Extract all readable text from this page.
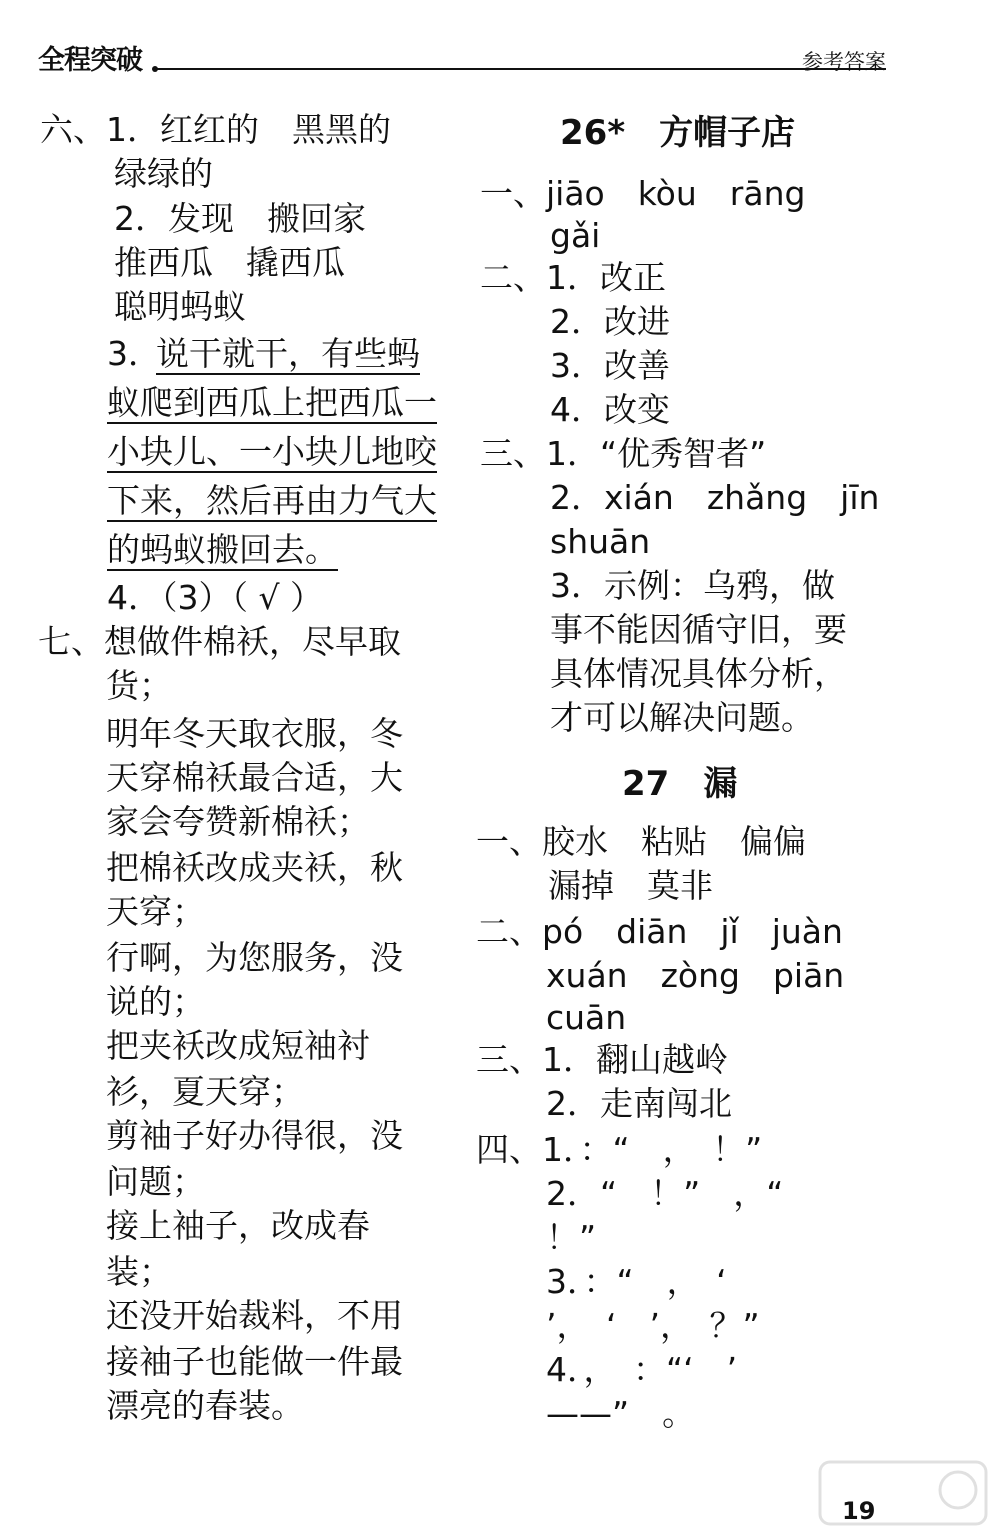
全程突破	参考答案
六、1．红红的　黑黑的
绿绿的
2．发现　搬回家
推西瓜　撬西瓜
聪明蚂蚁
3．
说干就干，有些蚂
蚁爬到西瓜上把西瓜一
小块儿、一小块儿地咬
下来，然后再由力气大
的蚂蚁搬回去。
4．（3）（ √ ）
七、想做件棉袄，尽早取
货；
明年冬天取衣服，冬
天穿棉袄最合适，大
家会夸赞新棉袄；
把棉袄改成夹袄，秋
天穿；
行啊，为您服务，没
说的；
把夹袄改成短袖衬
衫，夏天穿；
剪袖子好办得很，没
问题；
接上袖子，改成春
装；
还没开始裁料，不用
接袖子也能做一件最
漂亮的春装。
26*　方帽子店
一、jiāo　kòu　rāng
gǎi
二、1．改正
2．改进
3．改善
4．改变
三、1．“优秀智者”
2．xián　zhǎng　jīn
shuān
3．示例：乌鸦，做
事不能因循守旧，要
具体情况具体分析，
才可以解决问题。
27　漏
一、胶水　粘贴　偏偏
漏掉　莫非
二、pó　diān　jǐ　juàn
xuán　zòng　piān
cuān
三、1．翻山越岭
2．走南闯北
四、1．：“　，　！”
2．“　！”　，“
！”
3．：“　，　‘
’，　‘　’，　？”
4．，　：“‘　’
——”　。
19
